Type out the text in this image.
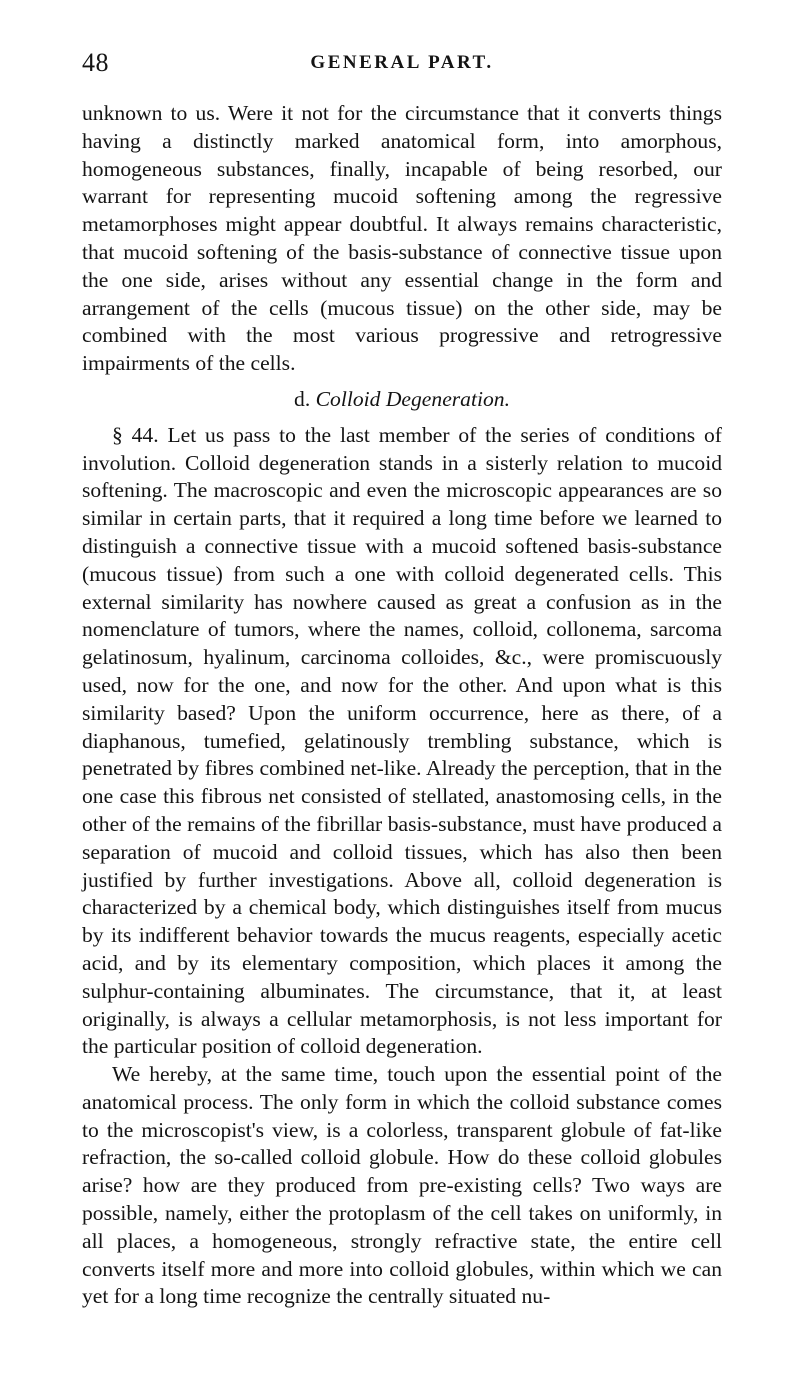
48	GENERAL PART.

unknown to us. Were it not for the circumstance that it converts things having a distinctly marked anatomical form, into amorphous, homogeneous substances, finally, incapable of being resorbed, our warrant for representing mucoid softening among the regressive metamorphoses might appear doubtful. It always remains characteristic, that mucoid softening of the basis-substance of connective tissue upon the one side, arises without any essential change in the form and arrangement of the cells (mucous tissue) on the other side, may be combined with the most various progressive and retrogressive impairments of the cells.

d. Colloid Degeneration.

§ 44. Let us pass to the last member of the series of conditions of involution. Colloid degeneration stands in a sisterly relation to mucoid softening. The macroscopic and even the microscopic appearances are so similar in certain parts, that it required a long time before we learned to distinguish a connective tissue with a mucoid softened basis-substance (mucous tissue) from such a one with colloid degenerated cells. This external similarity has nowhere caused as great a confusion as in the nomenclature of tumors, where the names, colloid, collonema, sarcoma gelatinosum, hyalinum, carcinoma colloides, &c., were promiscuously used, now for the one, and now for the other. And upon what is this similarity based? Upon the uniform occurrence, here as there, of a diaphanous, tumefied, gelatinously trembling substance, which is penetrated by fibres combined net-like. Already the perception, that in the one case this fibrous net consisted of stellated, anastomosing cells, in the other of the remains of the fibrillar basis-substance, must have produced a separation of mucoid and colloid tissues, which has also then been justified by further investigations. Above all, colloid degeneration is characterized by a chemical body, which distinguishes itself from mucus by its indifferent behavior towards the mucus reagents, especially acetic acid, and by its elementary composition, which places it among the sulphur-containing albuminates. The circumstance, that it, at least originally, is always a cellular metamorphosis, is not less important for the particular position of colloid degeneration.

We hereby, at the same time, touch upon the essential point of the anatomical process. The only form in which the colloid substance comes to the microscopist's view, is a colorless, transparent globule of fat-like refraction, the so-called colloid globule. How do these colloid globules arise? how are they produced from pre-existing cells? Two ways are possible, namely, either the protoplasm of the cell takes on uniformly, in all places, a homogeneous, strongly refractive state, the entire cell converts itself more and more into colloid globules, within which we can yet for a long time recognize the centrally situated nu-
